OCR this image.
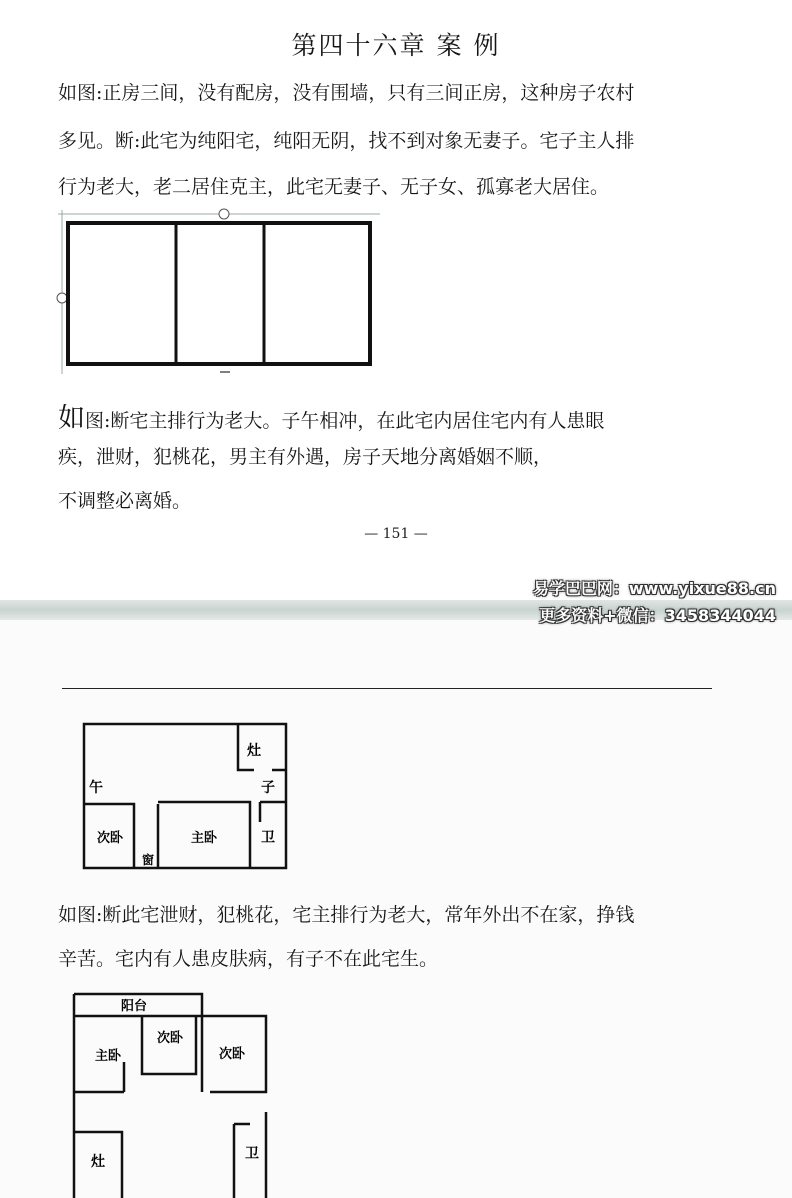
第四十六章 案 例
如图:正房三间，没有配房，没有围墙，只有三间正房，这种房子农村
多见。断:此宅为纯阳宅，纯阳无阴，找不到对象无妻子。宅子主人排
行为老大，老二居住克主，此宅无妻子、无子女、孤寡老大居住。
如图:断宅主排行为老大。子午相冲，在此宅内居住宅内有人患眼
疾，泄财，犯桃花，男主有外遇，房子天地分离婚姻不顺，
不调整必离婚。
— 151 —
易学巴巴网：www.yixue88.cn
更多资料+微信：3458344044
灶
子
午
次卧	主卧
窗
卫
如图:断此宅泄财，犯桃花，宅主排行为老大，常年外出不在家，挣钱
辛苦。宅内有人患皮肤病，有子不在此宅生。
阳台
主卧
次卧
次卧
灶	卫
